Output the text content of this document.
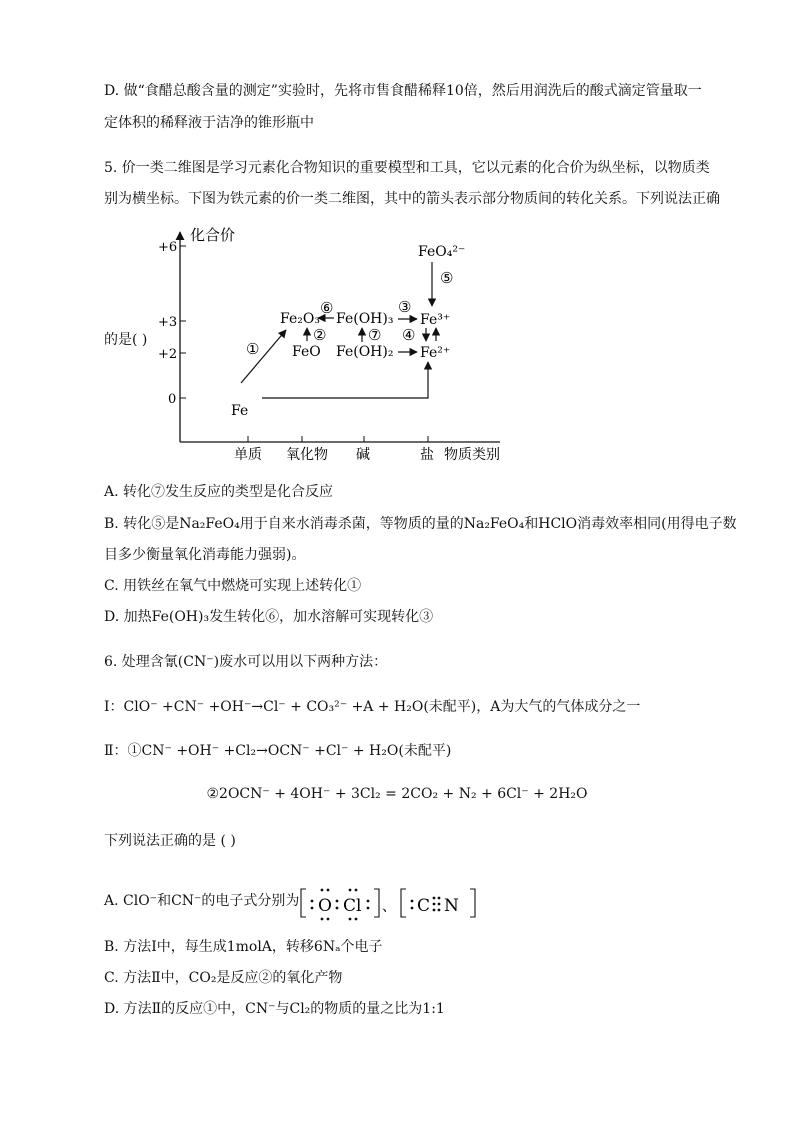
D. 做“食醋总酸含量的测定”实验时，先将市售食醋稀释10倍，然后用润洗后的酸式滴定管量取一
定体积的稀释液于洁净的锥形瓶中
5. 价一类二维图是学习元素化合物知识的重要模型和工具，它以元素的化合价为纵坐标，以物质类
别为横坐标。下图为铁元素的价一类二维图，其中的箭头表示部分物质间的转化关系。下列说法正确
的是( )
化合价
+6
+3
+2
0
单质 氧化物 碱	盐 物质类别
Fe
FeO
Fe₂O₃ Fe(OH)₃
Fe(OH)₂
Fe³⁺
Fe²⁺
FeO₄²⁻
①
②
③
④
⑤
⑥
⑦
A. 转化⑦发生反应的类型是化合反应
B. 转化⑤是Na₂FeO₄用于自来水消毒杀菌，等物质的量的Na₂FeO₄和HClO消毒效率相同(用得电子数
目多少衡量氧化消毒能力强弱)。
C. 用铁丝在氧气中燃烧可实现上述转化①
D. 加热Fe(OH)₃发生转化⑥，加水溶解可实现转化③
6. 处理含氰(CN⁻)废水可以用以下两种方法：
Ⅰ：ClO⁻ +CN⁻ +OH⁻→Cl⁻ + CO₃²⁻ +A + H₂O(未配平)，A为大气的气体成分之一
Ⅱ：①CN⁻ +OH⁻ +Cl₂→OCN⁻ +Cl⁻ + H₂O(未配平)
②2OCN⁻ + 4OH⁻ + 3Cl₂ = 2CO₂ + N₂ + 6Cl⁻ + 2H₂O
下列说法正确的是 ( )
A. ClO⁻和CN⁻的电子式分别为 O Cl 、 C N
B. 方法Ⅰ中，每生成1molA，转移6Nₐ个电子
C. 方法Ⅱ中，CO₂是反应②的氧化产物
D. 方法Ⅱ的反应①中，CN⁻与Cl₂的物质的量之比为1:1
